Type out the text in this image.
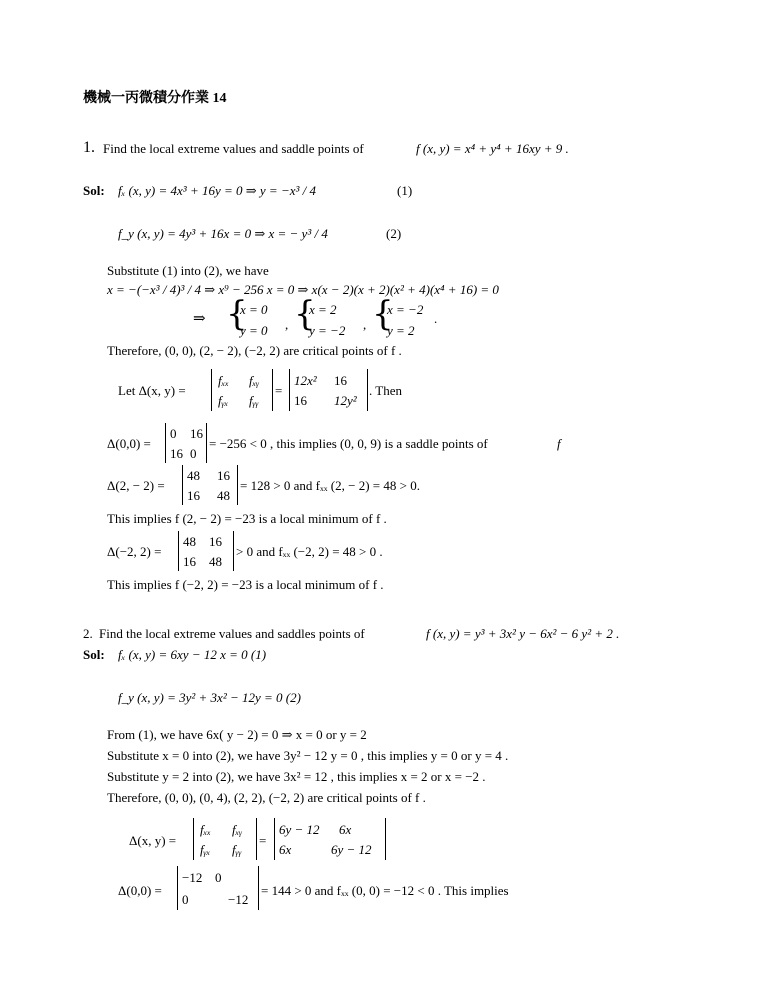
機械一丙微積分作業 14
1. Find the local extreme values and saddle points of	f (x, y) = x⁴ + y⁴ + 16xy + 9 .
Sol: fₓ (x, y) = 4x³ + 16y = 0 ⇒ y = −x³ / 4	(1)
f_y (x, y) = 4y³ + 16x = 0 ⇒ x = − y³ / 4	(2)
Substitute (1) into (2), we have
x = −(−x³ / 4)³ / 4 ⇒ x⁹ − 256 x = 0 ⇒ x(x − 2)(x + 2)(x² + 4)(x⁴ + 16) = 0
⇒ {
x = 0
y = 0 , {
x = 2
y = −2 , {
x = −2
y = 2
.
Therefore, (0, 0), (2, − 2), (−2, 2) are critical points of f .
Let Δ(x, y) =
fₓₓ fₓᵧ
fᵧₓ fᵧᵧ
=
12x² 16
16 12y²
. Then
Δ(0,0) =
0 16
16 0
= −256 < 0 , this implies (0, 0, 9) is a saddle points of	f
Δ(2, − 2) =
48 16
16 48
= 128 > 0 and fₓₓ (2, − 2) = 48 > 0.
This implies f (2, − 2) = −23 is a local minimum of f .
Δ(−2, 2) =
48 16
16 48
> 0 and fₓₓ (−2, 2) = 48 > 0 .
This implies f (−2, 2) = −23 is a local minimum of f .
2. Find the local extreme values and saddles points of	f (x, y) = y³ + 3x² y − 6x² − 6 y² + 2 .
Sol: fₓ (x, y) = 6xy − 12 x = 0 (1)
f_y (x, y) = 3y² + 3x² − 12y = 0 (2)
From (1), we have 6x( y − 2) = 0 ⇒ x = 0 or y = 2
Substitute x = 0 into (2), we have 3y² − 12 y = 0 , this implies y = 0 or y = 4 .
Substitute y = 2 into (2), we have 3x² = 12 , this implies x = 2 or x = −2 .
Therefore, (0, 0), (0, 4), (2, 2), (−2, 2) are critical points of f .
Δ(x, y) =
fₓₓ fₓᵧ
fᵧₓ fᵧᵧ
=
6y − 12 6x
6x	6y − 12
Δ(0,0) =
−12 0
0	−12
= 144 > 0 and fₓₓ (0, 0) = −12 < 0 . This implies
